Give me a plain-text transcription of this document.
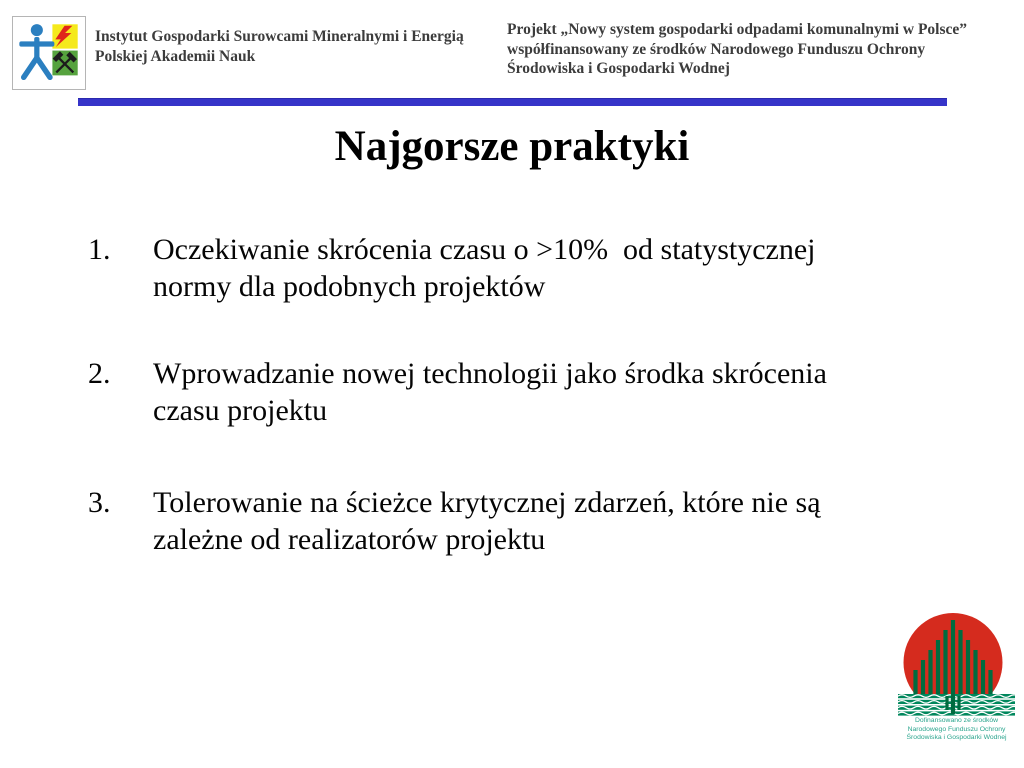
Instytut Gospodarki Surowcami Mineralnymi i Energią
Polskiej Akademii Nauk
Projekt „Nowy system gospodarki odpadami komunalnymi w Polsce”
współfinansowany ze środków Narodowego Funduszu Ochrony
Środowiska i Gospodarki Wodnej
Najgorsze praktyki
1.	Oczekiwanie skrócenia czasu o >10%  od statystycznej
normy dla podobnych projektów
2.	Wprowadzanie nowej technologii jako środka skrócenia
czasu projektu
3.	Tolerowanie na ścieżce krytycznej zdarzeń, które nie są
zależne od realizatorów projektu
Dofinansowano ze środków
Narodowego Funduszu Ochrony
Środowiska i Gospodarki Wodnej
